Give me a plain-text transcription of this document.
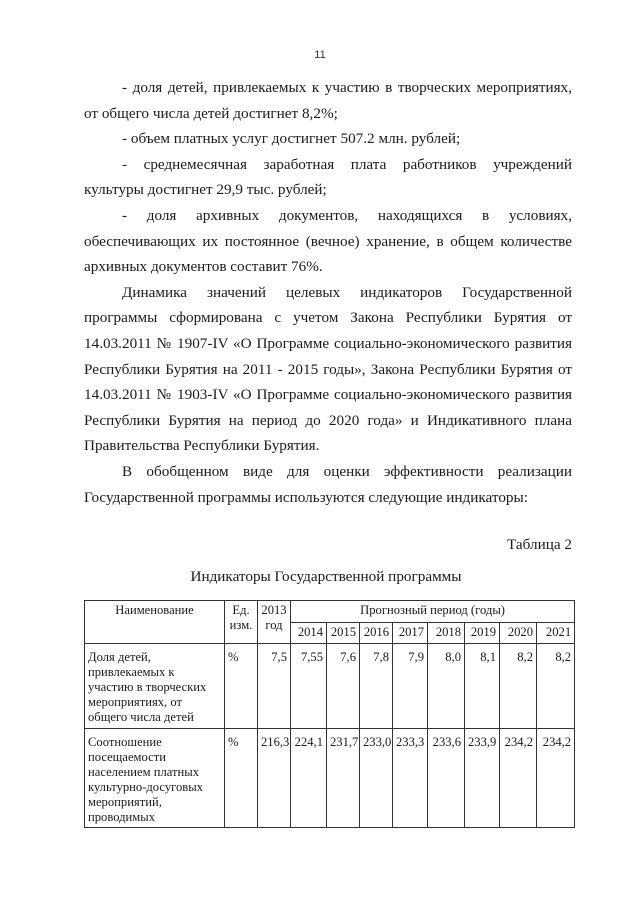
11

- доля детей, привлекаемых к участию в творческих мероприятиях, от общего числа детей достигнет 8,2%;

- объем платных услуг достигнет 507.2 млн. рублей;

- среднемесячная заработная плата работников учреждений культуры достигнет 29,9 тыс. рублей;

- доля архивных документов, находящихся в условиях, обеспечивающих их постоянное (вечное) хранение, в общем количестве архивных документов составит 76%.

Динамика значений целевых индикаторов Государственной программы сформирована с учетом Закона Республики Бурятия от 14.03.2011 № 1907-IV «О Программе социально-экономического развития Республики Бурятия на 2011 - 2015 годы», Закона Республики Бурятия от 14.03.2011 № 1903-IV «О Программе социально-экономического развития Республики Бурятия на период до 2020 года» и Индикативного плана Правительства Республики Бурятия.

В обобщенном виде для оценки эффективности реализации Государственной программы используются следующие индикаторы:

Таблица 2
Индикаторы Государственной программы
Наименование	Ед. изм.	2013 год	Прогнозный период (годы)							
			2014	2015	2016	2017	2018	2019	2020	2021
Доля детей, привлекаемых к участию в творческих мероприятиях, от общего числа детей	%	7,5	7,55	7,6	7,8	7,9	8,0	8,1	8,2	8,2
Соотношение посещаемости населением платных культурно-досуговых мероприятий, проводимых	%	216,3	224,1	231,7	233,0	233,3	233,6	233,9	234,2	234,2
